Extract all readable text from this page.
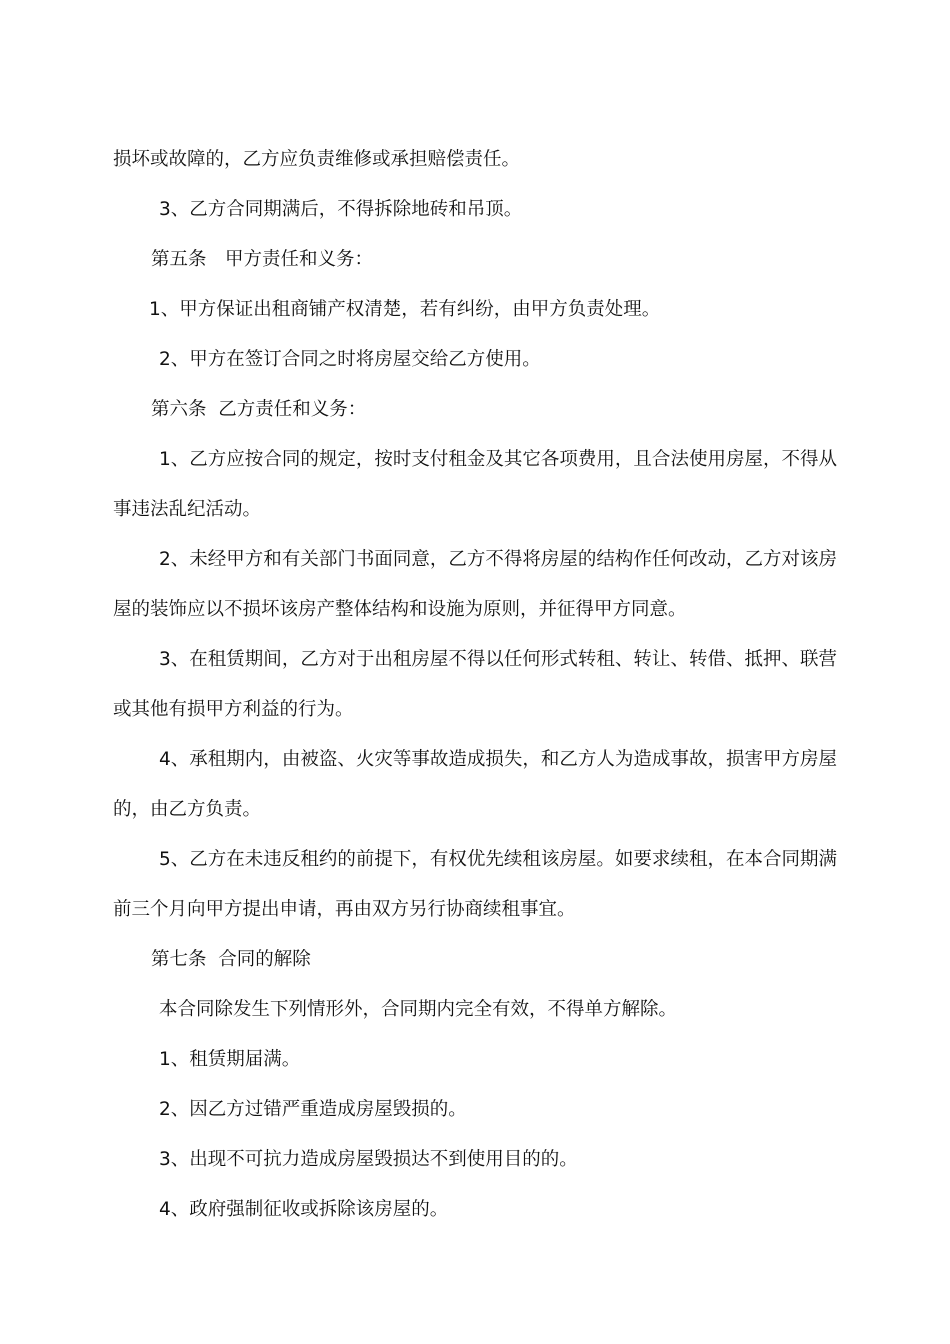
损坏或故障的，乙方应负责维修或承担赔偿责任。

3、乙方合同期满后，不得拆除地砖和吊顶。

第五条　甲方责任和义务：

1、甲方保证出租商铺产权清楚，若有纠纷，由甲方负责处理。

2、甲方在签订合同之时将房屋交给乙方使用。

第六条  乙方责任和义务：

1、乙方应按合同的规定，按时支付租金及其它各项费用，且合法使用房屋，不得从事违法乱纪活动。

2、未经甲方和有关部门书面同意，乙方不得将房屋的结构作任何改动，乙方对该房屋的装饰应以不损坏该房产整体结构和设施为原则，并征得甲方同意。

3、在租赁期间，乙方对于出租房屋不得以任何形式转租、转让、转借、抵押、联营或其他有损甲方利益的行为。

4、承租期内，由被盗、火灾等事故造成损失，和乙方人为造成事故，损害甲方房屋的，由乙方负责。

5、乙方在未违反租约的前提下，有权优先续租该房屋。如要求续租，在本合同期满前三个月向甲方提出申请，再由双方另行协商续租事宜。

第七条  合同的解除

本合同除发生下列情形外，合同期内完全有效，不得单方解除。

1、租赁期届满。

2、因乙方过错严重造成房屋毁损的。

3、出现不可抗力造成房屋毁损达不到使用目的的。

4、政府强制征收或拆除该房屋的。
